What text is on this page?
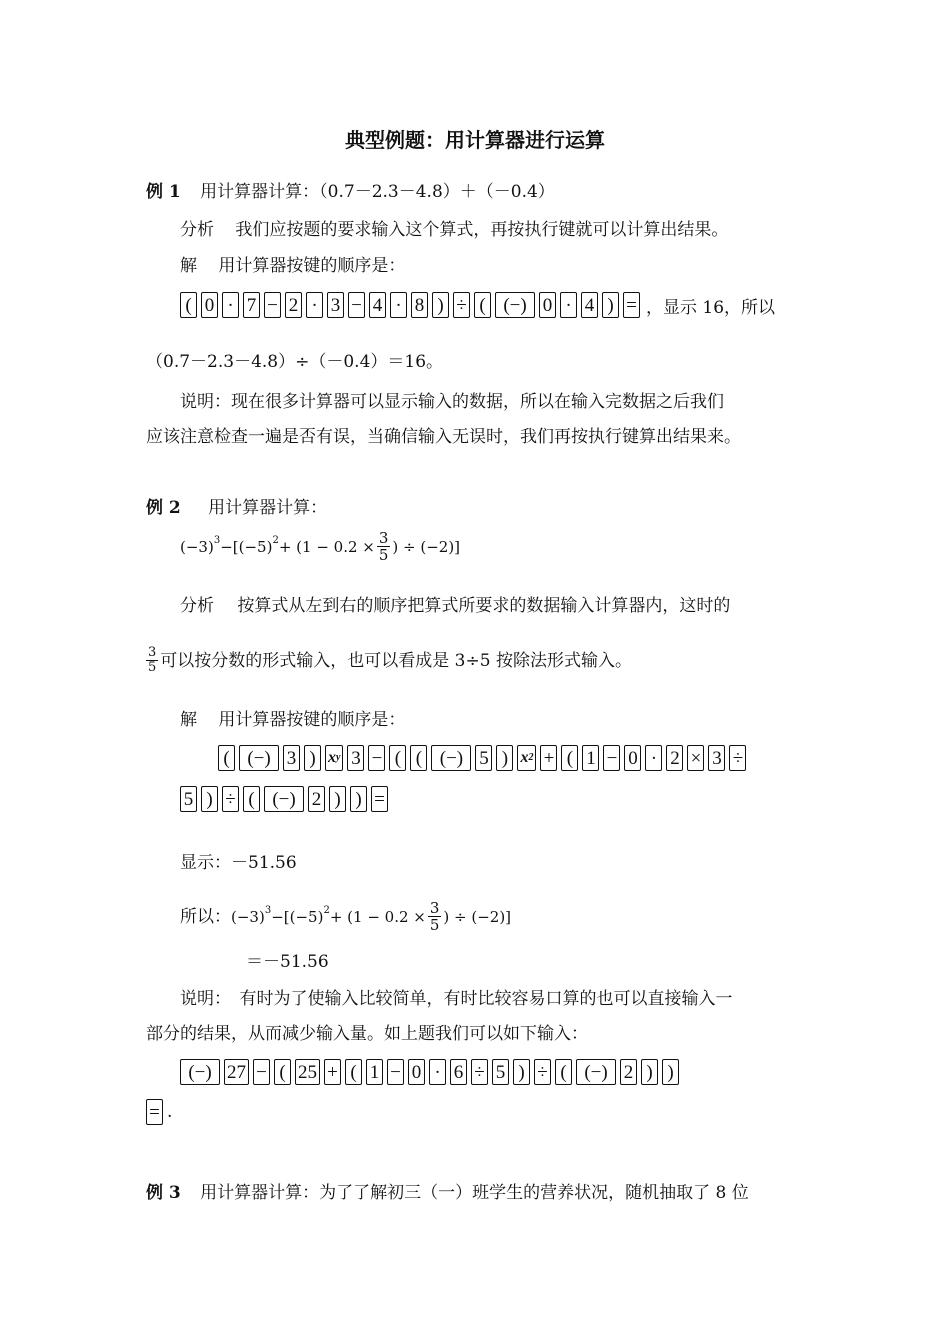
典型例题：用计算器进行运算
例 1 用计算器计算：（0.7－2.3－4.8）＋（－0.4）
分析 我们应按题的要求输入这个算式，再按执行键就可以计算出结果。
解 用计算器按键的顺序是：
( 0 · 7 − 2 · 3 − 4 · 8 ) ÷ ( (−) 0 · 4 ) = ，显示 16，所以
（0.7－2.3－4.8）÷（－0.4）＝16。
说明：现在很多计算器可以显示输入的数据，所以在输入完数据之后我们
应该注意检查一遍是否有误，当确信输入无误时，我们再按执行键算出结果来。
例 2 用计算器计算：
(−3) 3 −[(−5) $2 + (1 - 0.2 \times \frac{3}{5}$ ) ÷ (−2)]
分析 按算式从左到右的顺序把算式所要求的数据输入计算器内，这时的
$\frac{3}{5}$ 可以按分数的形式输入，也可以看成是 3÷5 按除法形式输入。
解 用计算器按键的顺序是：
( (−) 3 ) x y 3 − ( ( (−) 5 ) x 2 + ( 1 − 0 · 2 × 3 ÷
5 ) ÷ ( (−) 2 ) ) =
显示：－51.56
所以： (−3) 3 −[(−5) $2 + (1 - 0.2 \times \frac{3}{5}$ ) ÷ (−2)]
＝－51.56
说明：　有时为了使输入比较简单，有时比较容易口算的也可以直接输入一
部分的结果，从而减少输入量。如上题我们可以如下输入：
(−) 27 − ( 25 + ( 1 − 0 · 6 ÷ 5 ) ÷ ( (−) 2 ) )
= .
例 3 用计算器计算：为了了解初三（一）班学生的营养状况，随机抽取了 8 位
